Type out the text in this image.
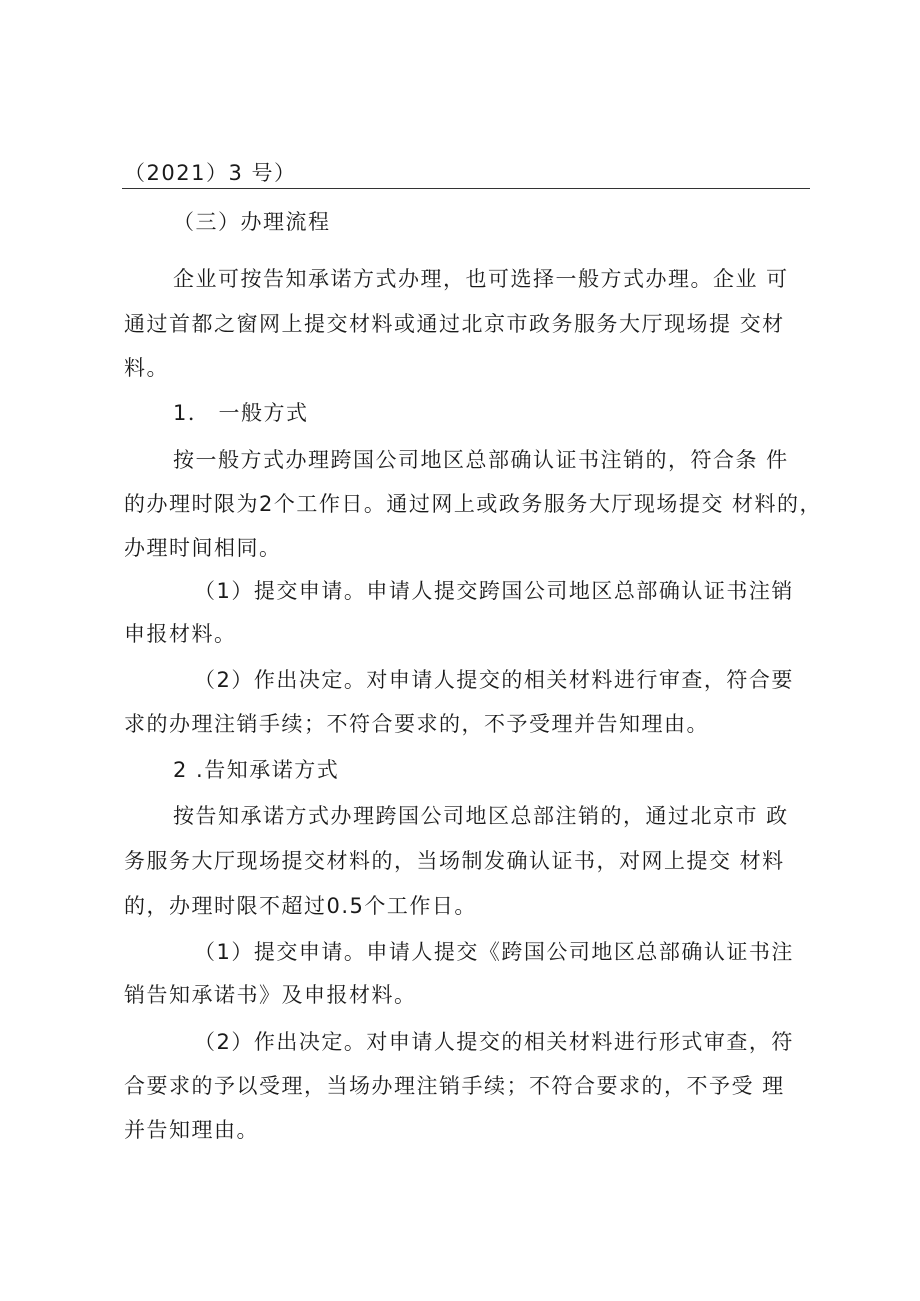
（2021）3 号）
（三）办理流程
企业可按告知承诺方式办理，也可选择一般方式办理。企业 可
通过首都之窗网上提交材料或通过北京市政务服务大厅现场提 交材
料。
1． 一般方式
按一般方式办理跨国公司地区总部确认证书注销的，符合条 件
的办理时限为2个工作日。通过网上或政务服务大厅现场提交 材料的，
办理时间相同。
（1）提交申请。申请人提交跨国公司地区总部确认证书注销
申报材料。
（2）作出决定。对申请人提交的相关材料进行审查，符合要
求的办理注销手续；不符合要求的，不予受理并告知理由。
2 .告知承诺方式
按告知承诺方式办理跨国公司地区总部注销的，通过北京市 政
务服务大厅现场提交材料的，当场制发确认证书，对网上提交 材料
的，办理时限不超过0.5个工作日。
（1）提交申请。申请人提交《跨国公司地区总部确认证书注
销告知承诺书》及申报材料。
（2）作出决定。对申请人提交的相关材料进行形式审查，符
合要求的予以受理，当场办理注销手续；不符合要求的，不予受 理
并告知理由。
